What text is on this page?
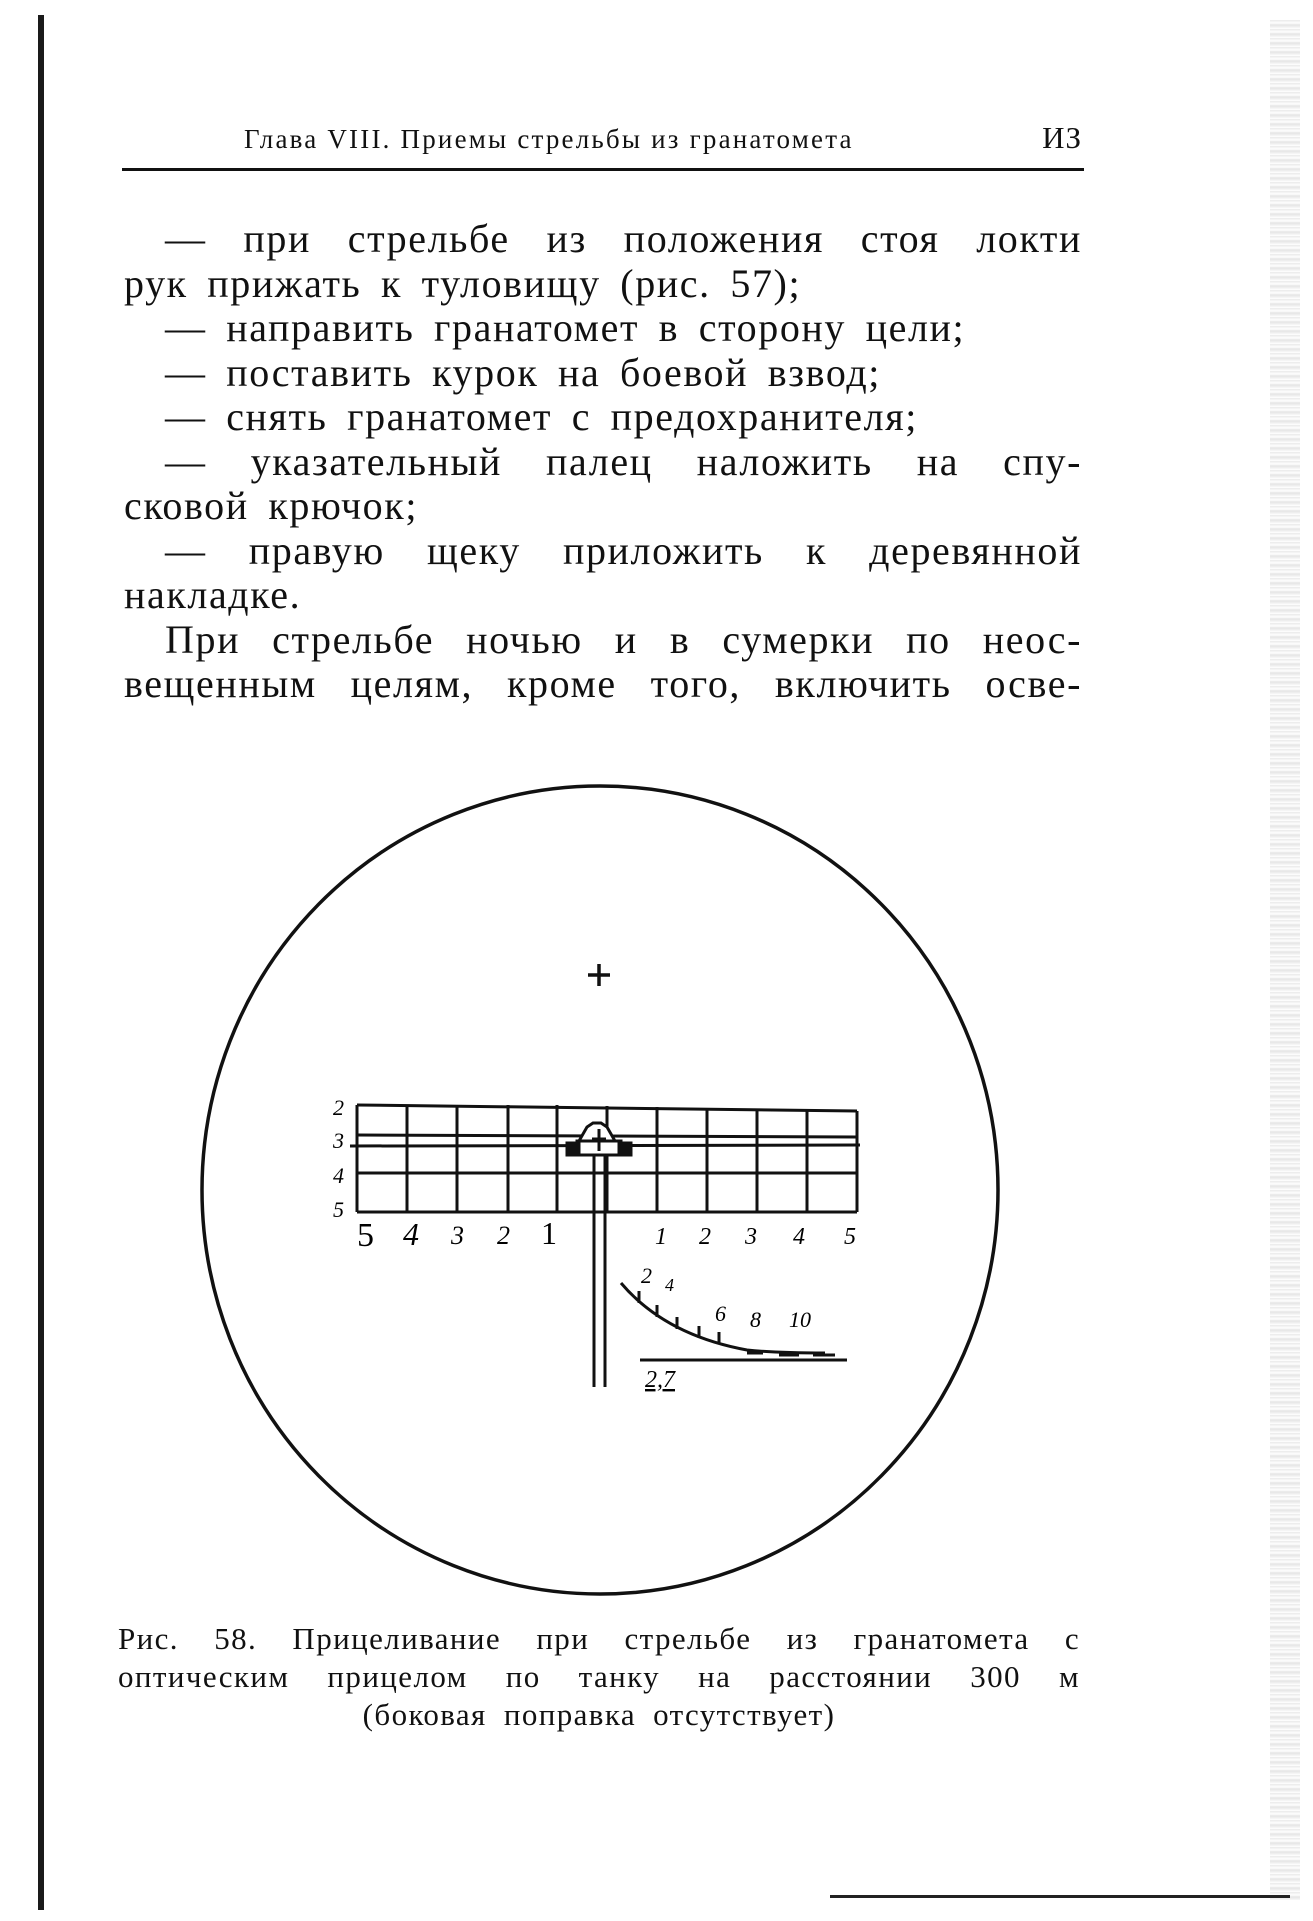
Глава VIII. Приемы стрельбы из гранатомета	ИЗ

— при стрельбе из положения стоя локти

рук прижать к туловищу (рис. 57);

— направить гранатомет в сторону цели;

— поставить курок на боевой взвод;

— снять гранатомет с предохранителя;

— указательный палец наложить на спу-

сковой крючок;

— правую щеку приложить к деревянной

накладке.

При стрельбе ночью и в сумерки по неос-

вещенным целям, кроме того, включить осве-

2
3
4
5
5 4 3 2 1	1 2 3 4 5
2 4
6 8 10
2,7
Рис. 58. Прицеливание при стрельбе из гранатомета с
оптическим прицелом по танку на расстоянии 300 м
(боковая поправка отсутствует)
